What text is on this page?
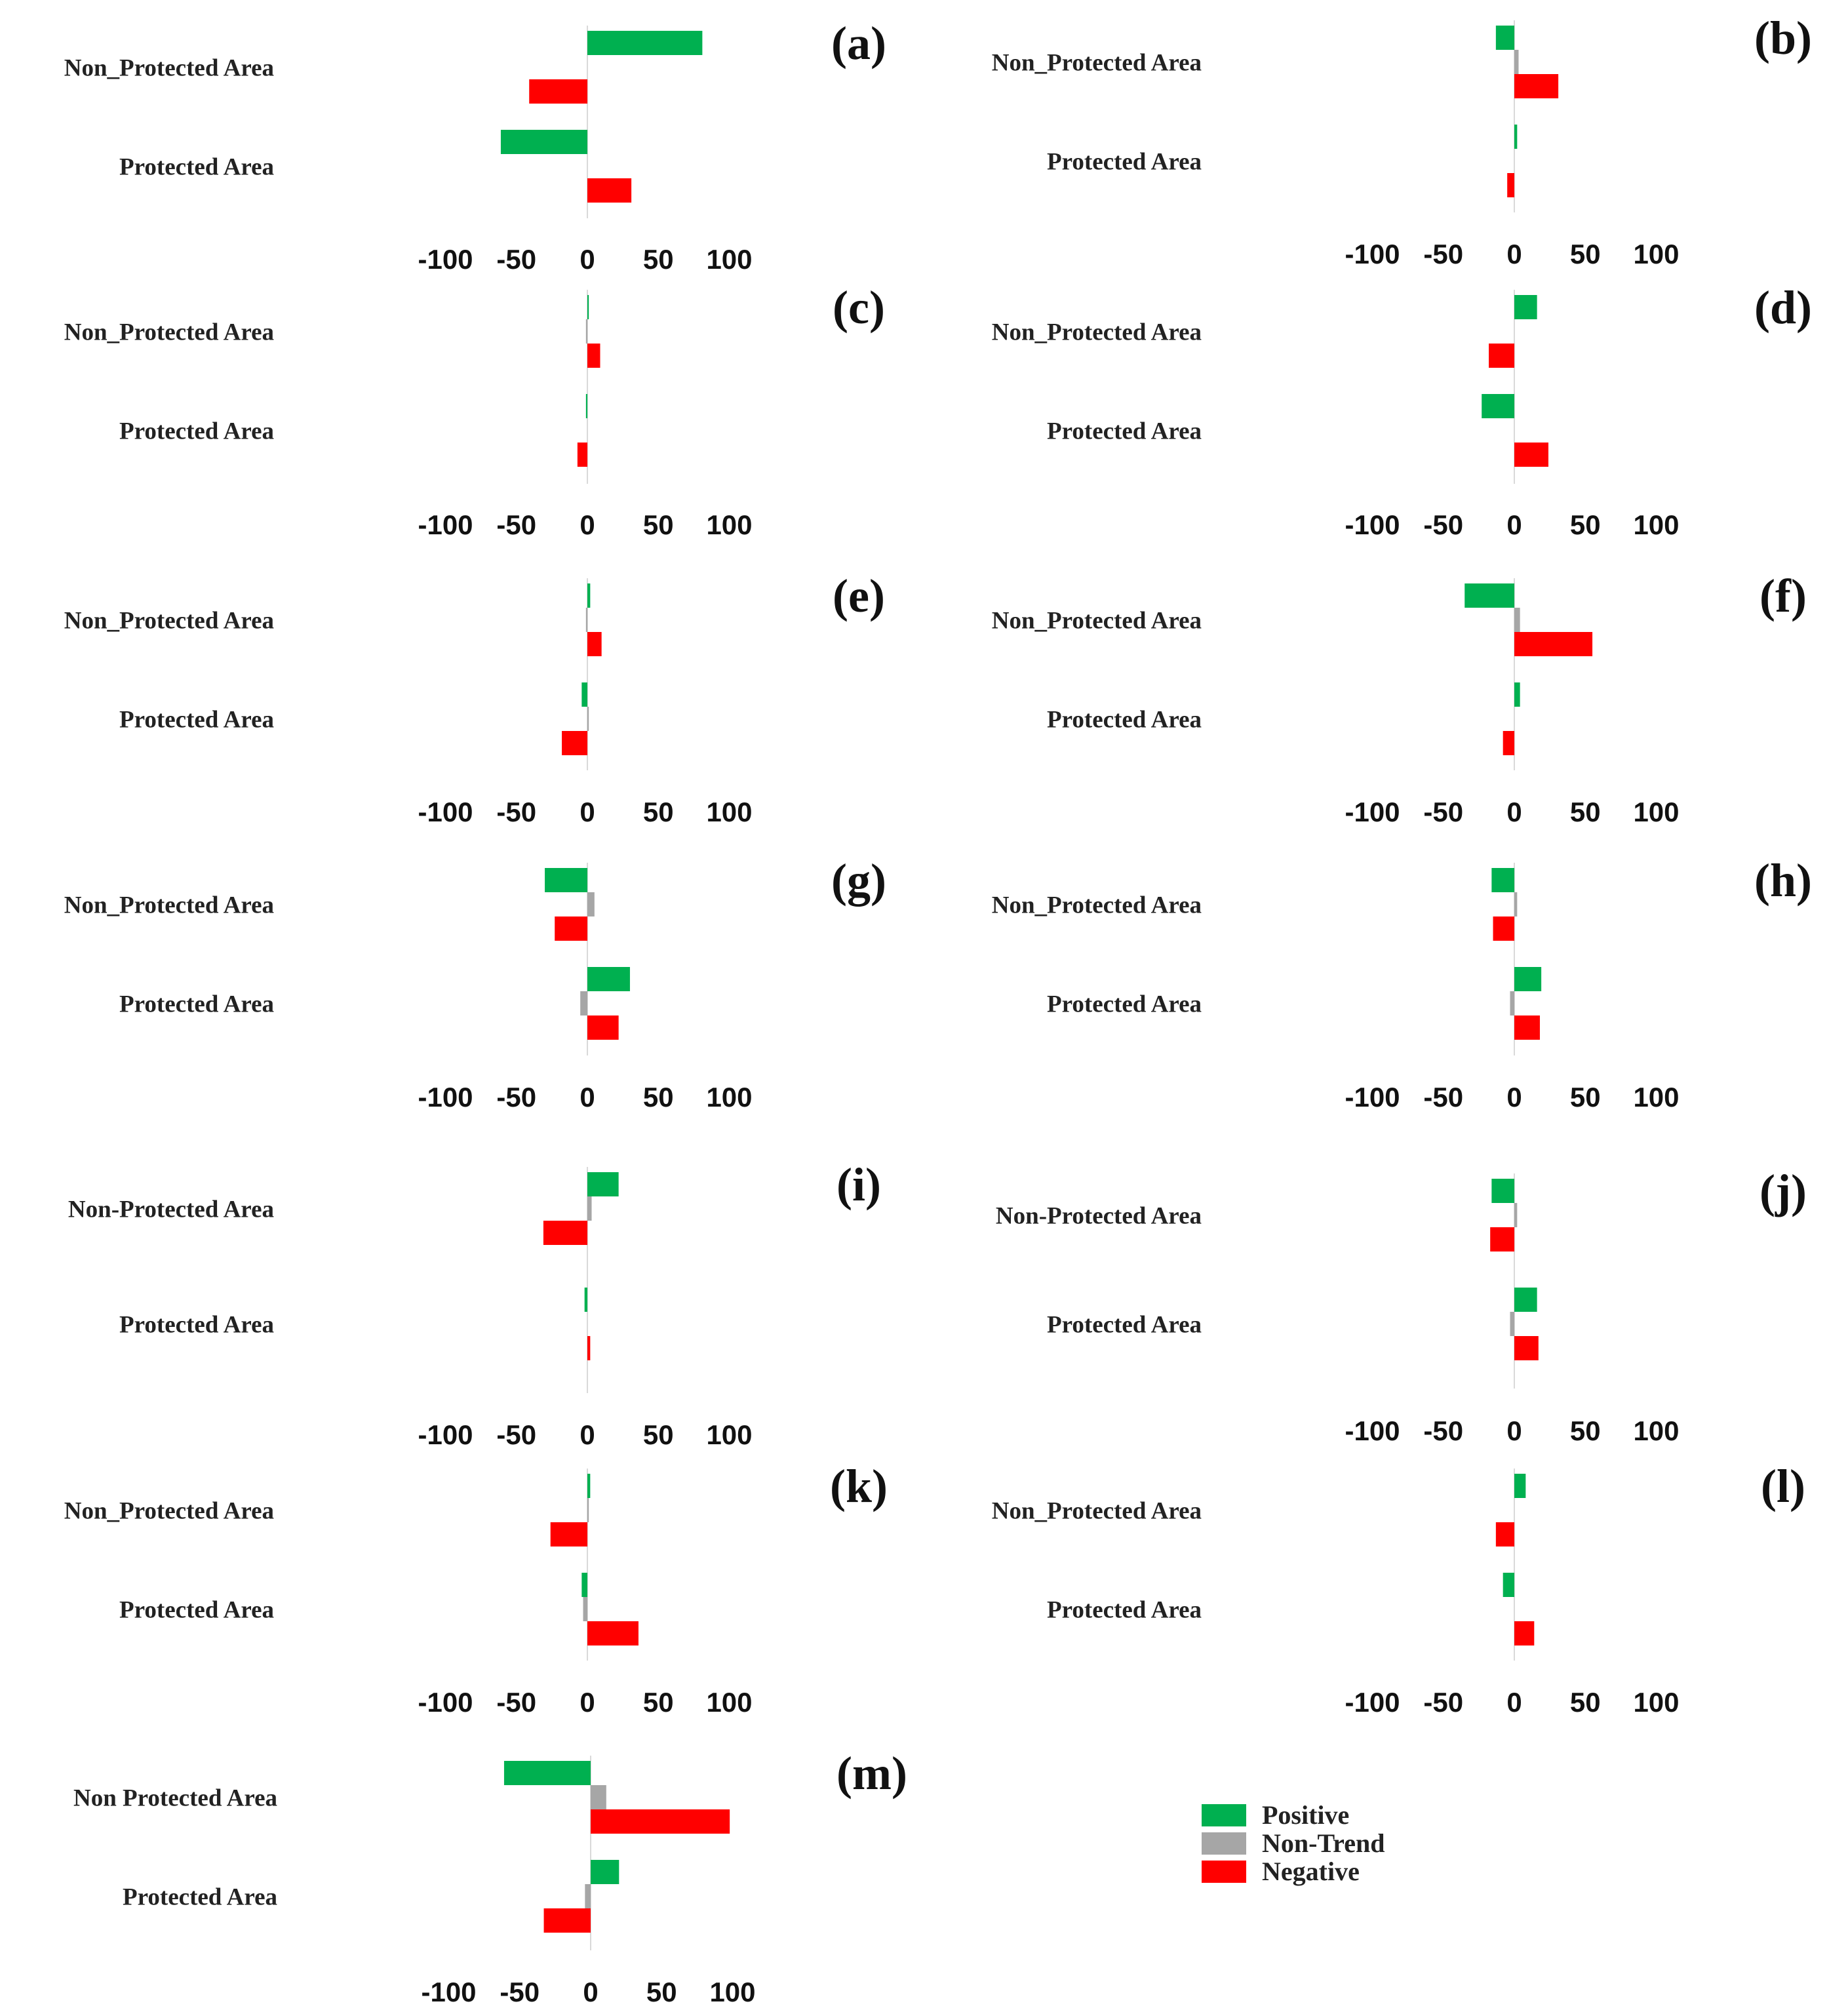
Non_Protected Area
Protected Area
-100 -50 0 50 100
(a)	Non_Protected Area
Protected Area
-100 -50 0 50 100
(b)
Non_Protected Area
Protected Area
-100 -50 0 50 100
(c)	Non_Protected Area
Protected Area
-100 -50 0 50 100
(d)
Non_Protected Area
Protected Area
-100 -50 0 50 100
(e)	Non_Protected Area
Protected Area
-100 -50 0 50 100
(f)
Non_Protected Area
Protected Area
-100 -50 0 50 100
(g)	Non_Protected Area
Protected Area
-100 -50 0 50 100
(h)
Non-Protected Area
Protected Area
-100 -50 0 50 100
(i)
Non-Protected Area
Protected Area
-100 -50 0 50 100
(j)
Non_Protected Area
Protected Area
-100 -50 0 50 100
(k)	Non_Protected Area
Protected Area
-100 -50 0 50 100
(l)
Non Protected Area
Protected Area
-100 -50 0 50 100
(m)
Positive
Non-Trend
Negative
